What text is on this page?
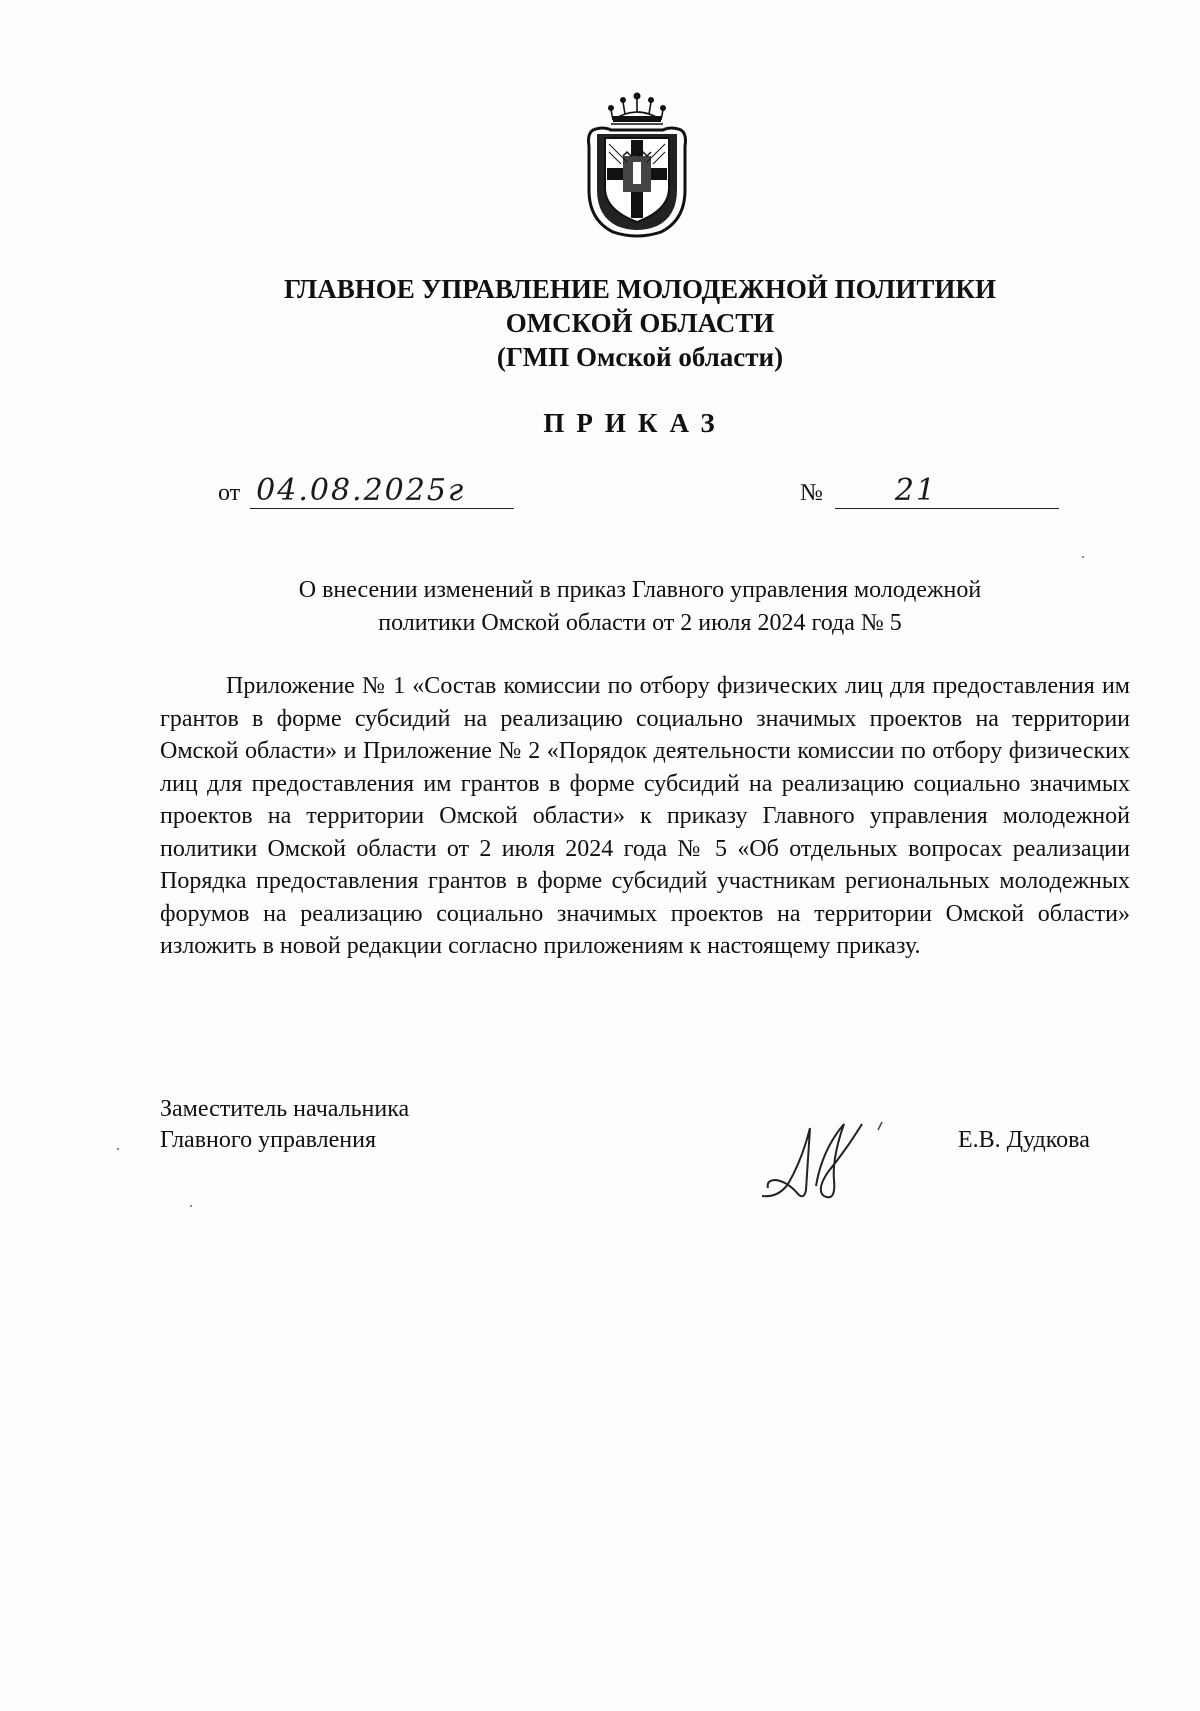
ГЛАВНОЕ УПРАВЛЕНИЕ МОЛОДЕЖНОЙ ПОЛИТИКИ
ОМСКОЙ ОБЛАСТИ
(ГМП Омской области)
ПРИКАЗ
от 04.08.2025г	№ 21
О внесении изменений в приказ Главного управления молодежной
политики Омской области от 2 июля 2024 года № 5
Приложение № 1 «Состав комиссии по отбору физических лиц для предоставления им грантов в форме субсидий на реализацию социально значимых проектов на территории Омской области» и Приложение № 2 «Порядок деятельности комиссии по отбору физических лиц для предоставления им грантов в форме субсидий на реализацию социально значимых проектов на территории Омской области» к приказу Главного управления молодежной политики Омской области от 2 июля 2024 года № 5 «Об отдельных вопросах реализации Порядка предоставления грантов в форме субсидий участникам региональных молодежных форумов на реализацию социально значимых проектов на территории Омской области» изложить в новой редакции согласно приложениям к настоящему приказу.
Заместитель начальника
Главного управления	Е.В. Дудкова
